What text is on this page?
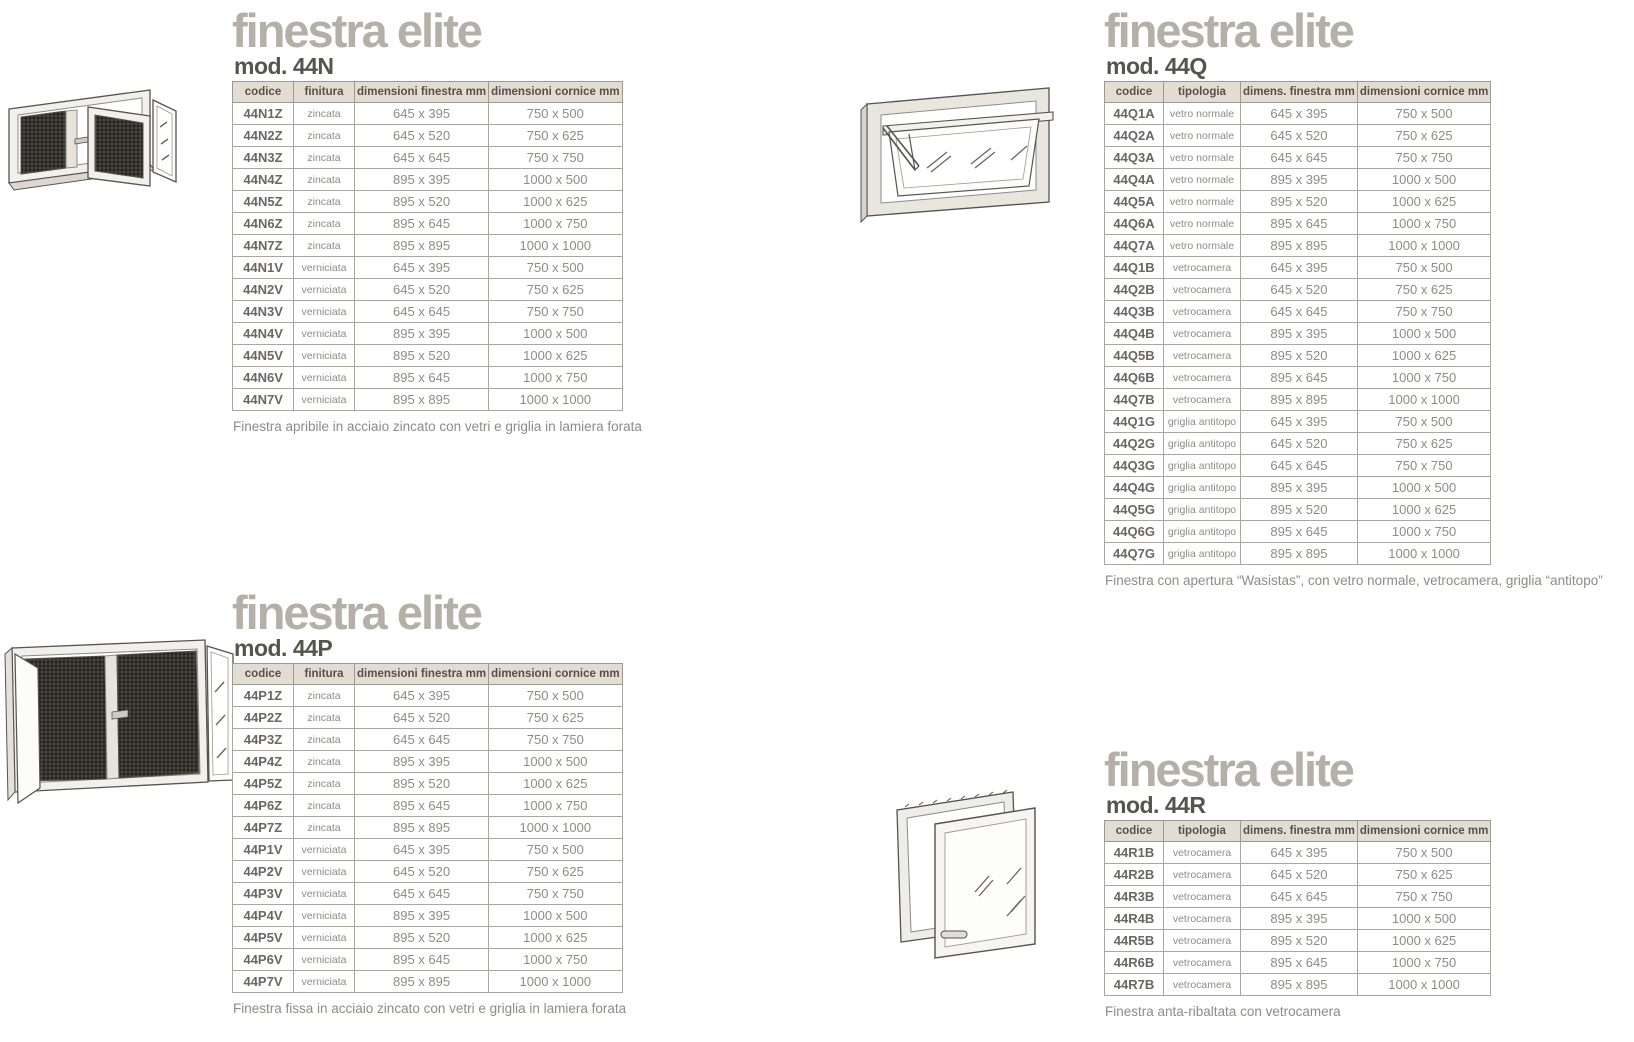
finestra elite
mod. 44N
codice	finitura	dimensioni finestra mm	dimensioni cornice mm
44N1Z	zincata	645 x 395	750 x 500
44N2Z	zincata	645 x 520	750 x 625
44N3Z	zincata	645 x 645	750 x 750
44N4Z	zincata	895 x 395	1000 x 500
44N5Z	zincata	895 x 520	1000 x 625
44N6Z	zincata	895 x 645	1000 x 750
44N7Z	zincata	895 x 895	1000 x 1000
44N1V	verniciata	645 x 395	750 x 500
44N2V	verniciata	645 x 520	750 x 625
44N3V	verniciata	645 x 645	750 x 750
44N4V	verniciata	895 x 395	1000 x 500
44N5V	verniciata	895 x 520	1000 x 625
44N6V	verniciata	895 x 645	1000 x 750
44N7V	verniciata	895 x 895	1000 x 1000

Finestra apribile in acciaio zincato con vetri e griglia in lamiera forata

finestra elite
mod. 44P
codice	finitura	dimensioni finestra mm	dimensioni cornice mm
44P1Z	zincata	645 x 395	750 x 500
44P2Z	zincata	645 x 520	750 x 625
44P3Z	zincata	645 x 645	750 x 750
44P4Z	zincata	895 x 395	1000 x 500
44P5Z	zincata	895 x 520	1000 x 625
44P6Z	zincata	895 x 645	1000 x 750
44P7Z	zincata	895 x 895	1000 x 1000
44P1V	verniciata	645 x 395	750 x 500
44P2V	verniciata	645 x 520	750 x 625
44P3V	verniciata	645 x 645	750 x 750
44P4V	verniciata	895 x 395	1000 x 500
44P5V	verniciata	895 x 520	1000 x 625
44P6V	verniciata	895 x 645	1000 x 750
44P7V	verniciata	895 x 895	1000 x 1000

Finestra fissa in acciaio zincato con vetri e griglia in lamiera forata

finestra elite
mod. 44Q
codice	tipologia	dimens. finestra mm	dimensioni cornice mm
44Q1A	vetro normale	645 x 395	750 x 500
44Q2A	vetro normale	645 x 520	750 x 625
44Q3A	vetro normale	645 x 645	750 x 750
44Q4A	vetro normale	895 x 395	1000 x 500
44Q5A	vetro normale	895 x 520	1000 x 625
44Q6A	vetro normale	895 x 645	1000 x 750
44Q7A	vetro normale	895 x 895	1000 x 1000
44Q1B	vetrocamera	645 x 395	750 x 500
44Q2B	vetrocamera	645 x 520	750 x 625
44Q3B	vetrocamera	645 x 645	750 x 750
44Q4B	vetrocamera	895 x 395	1000 x 500
44Q5B	vetrocamera	895 x 520	1000 x 625
44Q6B	vetrocamera	895 x 645	1000 x 750
44Q7B	vetrocamera	895 x 895	1000 x 1000
44Q1G	griglia antitopo	645 x 395	750 x 500
44Q2G	griglia antitopo	645 x 520	750 x 625
44Q3G	griglia antitopo	645 x 645	750 x 750
44Q4G	griglia antitopo	895 x 395	1000 x 500
44Q5G	griglia antitopo	895 x 520	1000 x 625
44Q6G	griglia antitopo	895 x 645	1000 x 750
44Q7G	griglia antitopo	895 x 895	1000 x 1000

Finestra con apertura “Wasistas”, con vetro normale, vetrocamera, griglia “antitopo”

finestra elite
mod. 44R
codice	tipologia	dimens. finestra mm	dimensioni cornice mm
44R1B	vetrocamera	645 x 395	750 x 500
44R2B	vetrocamera	645 x 520	750 x 625
44R3B	vetrocamera	645 x 645	750 x 750
44R4B	vetrocamera	895 x 395	1000 x 500
44R5B	vetrocamera	895 x 520	1000 x 625
44R6B	vetrocamera	895 x 645	1000 x 750
44R7B	vetrocamera	895 x 895	1000 x 1000

Finestra anta-ribaltata con vetrocamera
